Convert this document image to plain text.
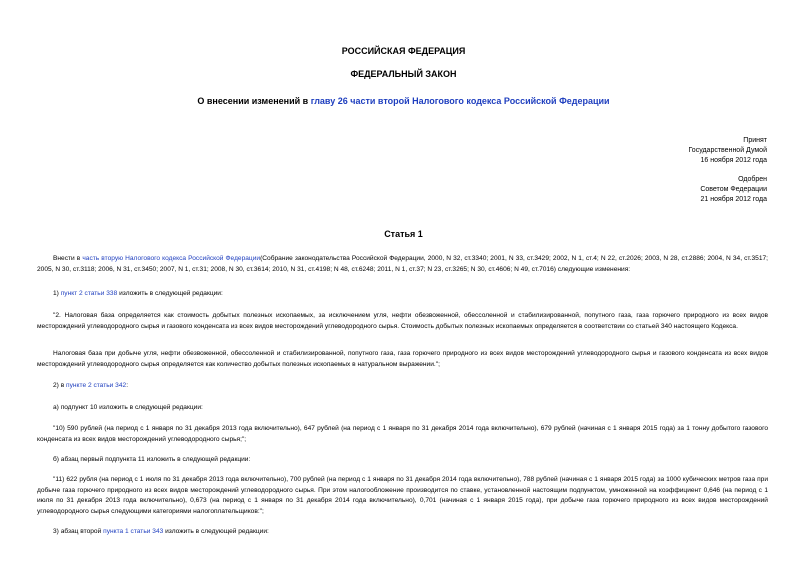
РОССИЙСКАЯ ФЕДЕРАЦИЯ
ФЕДЕРАЛЬНЫЙ ЗАКОН
О внесении изменений в главу 26 части второй Налогового кодекса Российской Федерации
Принят
Государственной Думой
16 ноября 2012 года
Одобрен
Советом Федерации
21 ноября 2012 года
Статья 1
Внести в часть вторую Налогового кодекса Российской Федерации(Собрание законодательства Российской Федерации, 2000, N 32, ст.3340; 2001, N 33, ст.3429; 2002, N 1, ст.4; N 22, ст.2026; 2003, N 28, ст.2886; 2004, N 34, ст.3517; 2005, N 30, ст.3118; 2006, N 31, ст.3450; 2007, N 1, ст.31; 2008, N 30, ст.3614; 2010, N 31, ст.4198; N 48, ст.6248; 2011, N 1, ст.37; N 23, ст.3265; N 30, ст.4606; N 49, ст.7016) следующие изменения:
1) пункт 2 статьи 338 изложить в следующей редакции:
"2. Налоговая база определяется как стоимость добытых полезных ископаемых, за исключением угля, нефти обезвоженной, обессоленной и стабилизированной, попутного газа, газа горючего природного из всех видов месторождений углеводородного сырья и газового конденсата из всех видов месторождений углеводородного сырья. Стоимость добытых полезных ископаемых определяется в соответствии со статьей 340 настоящего Кодекса.
Налоговая база при добыче угля, нефти обезвоженной, обессоленной и стабилизированной, попутного газа, газа горючего природного из всех видов месторождений углеводородного сырья и газового конденсата из всех видов месторождений углеводородного сырья определяется как количество добытых полезных ископаемых в натуральном выражении.";
2) в пункте 2 статьи 342:
а) подпункт 10 изложить в следующей редакции:
"10) 590 рублей (на период с 1 января по 31 декабря 2013 года включительно), 647 рублей (на период с 1 января по 31 декабря 2014 года включительно), 679 рублей (начиная с 1 января 2015 года) за 1 тонну добытого газового конденсата из всех видов месторождений углеводородного сырья;";
б) абзац первый подпункта 11 изложить в следующей редакции:
"11) 622 рубля (на период с 1 июля по 31 декабря 2013 года включительно), 700 рублей (на период с 1 января по 31 декабря 2014 года включительно), 788 рублей (начиная с 1 января 2015 года) за 1000 кубических метров газа при добыче газа горючего природного из всех видов месторождений углеводородного сырья. При этом налогообложение производится по ставке, установленной настоящим подпунктом, умноженной на коэффициент 0,646 (на период с 1 июля по 31 декабря 2013 года включительно), 0,673 (на период с 1 января по 31 декабря 2014 года включительно), 0,701 (начиная с 1 января 2015 года), при добыче газа горючего природного из всех видов месторождений углеводородного сырья следующими категориями налогоплательщиков:";
3) абзац второй пункта 1 статьи 343 изложить в следующей редакции:
